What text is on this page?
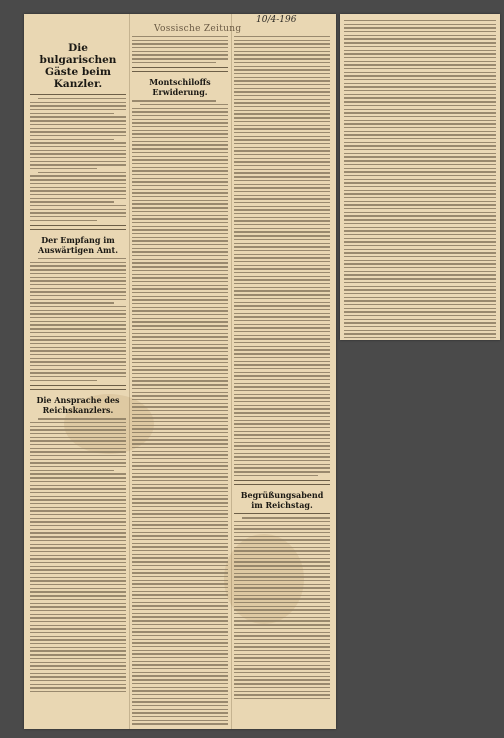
Vossische Zeitung
10/4-196
Die bulgarischen Gäste beim Kanzler.
Der Empfang im Auswärtigen Amt.
Die Ansprache des Reichskanzlers.
Montschiloffs Erwiderung.
Begrüßungsabend im Reichstag.
